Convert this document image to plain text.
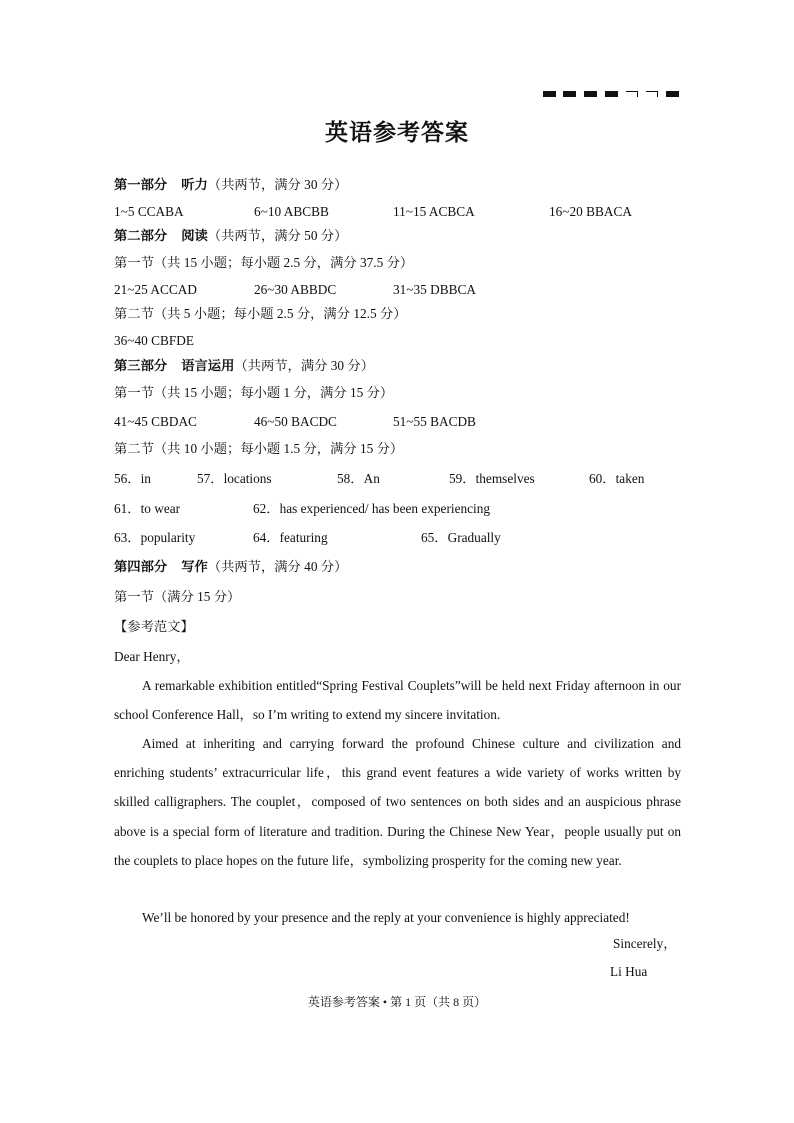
英语参考答案
第一部分 听力（共两节，满分 30 分）
1~5 CCABA	6~10 ABCBB	11~15 ACBCA	16~20 BBACA
第二部分 阅读（共两节，满分 50 分）
第一节（共 15 小题；每小题 2.5 分，满分 37.5 分）
21~25 ACCAD	26~30 ABBDC	31~35 DBBCA
第二节（共 5 小题；每小题 2.5 分，满分 12.5 分）
36~40 CBFDE
第三部分 语言运用（共两节，满分 30 分）
第一节（共 15 小题；每小题 1 分，满分 15 分）
41~45 CBDAC	46~50 BACDC	51~55 BACDB
第二节（共 10 小题；每小题 1.5 分，满分 15 分）
56．in	57．locations	58．An	59．themselves	60．taken
61．to wear	62．has experienced/ has been experiencing
63．popularity	64．featuring	65．Gradually
第四部分 写作（共两节，满分 40 分）
第一节（满分 15 分）
【参考范文】
Dear Henry，
A remarkable exhibition entitled“Spring Festival Couplets”will be held next Friday afternoon in our school Conference Hall，so I’m writing to extend my sincere invitation.
Aimed at inheriting and carrying forward the profound Chinese culture and civilization and enriching students’ extracurricular life，this grand event features a wide variety of works written by skilled calligraphers. The couplet，composed of two sentences on both sides and an auspicious phrase above is a special form of literature and tradition. During the Chinese New Year，people usually put on the couplets to place hopes on the future life，symbolizing prosperity for the coming new year.
We’ll be honored by your presence and the reply at your convenience is highly appreciated!
Sincerely，
Li Hua
英语参考答案 • 第 1 页（共 8 页）
